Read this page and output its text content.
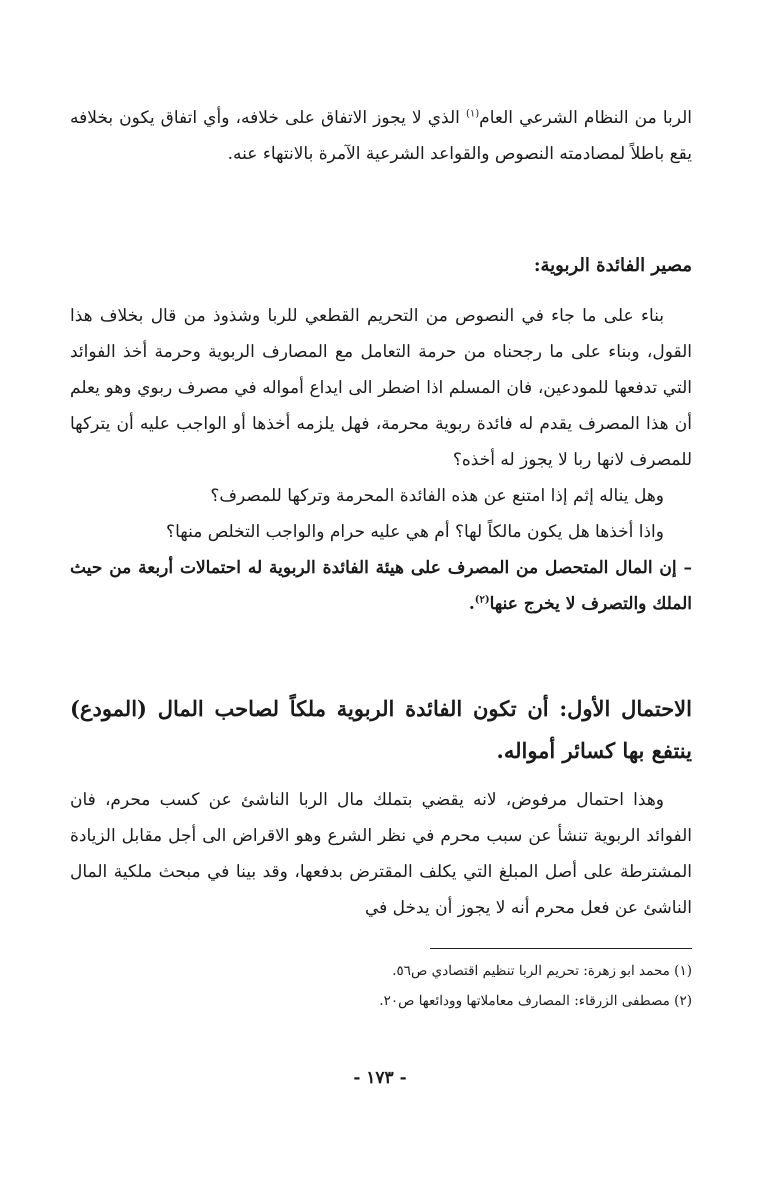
الربا من النظام الشرعي العام$^{(١)}$ الذي لا يجوز الاتفاق على خلافه، وأي اتفاق يكون بخلافه يقع باطلاً لمصادمته النصوص والقواعد الشرعية الآمرة بالانتهاء عنه.

مصير الفائدة الربوية:

بناء على ما جاء في النصوص من التحريم القطعي للربا وشذوذ من قال بخلاف هذا القول، وبناء على ما رجحناه من حرمة التعامل مع المصارف الربوية وحرمة أخذ الفوائد التي تدفعها للمودعين، فان المسلم اذا اضطر الى ايداع أمواله في مصرف ربوي وهو يعلم أن هذا المصرف يقدم له فائدة ربوية محرمة، فهل يلزمه أخذها أو الواجب عليه أن يتركها للمصرف لانها ربا لا يجوز له أخذه؟

وهل يناله إثم إذا امتنع عن هذه الفائدة المحرمة وتركها للمصرف؟

واذا أخذها هل يكون مالكاً لها؟ أم هي عليه حرام والواجب التخلص منها؟

– إن المال المتحصل من المصرف على هيئة الفائدة الربوية له احتمالات أربعة من حيث الملك والتصرف لا يخرج عنها$^{(٢)}$.

الاحتمال الأول: أن تكون الفائدة الربوية ملكاً لصاحب المال (المودع) ينتفع بها كسائر أمواله.

وهذا احتمال مرفوض، لانه يقضي بتملك مال الربا الناشئ عن كسب محرم، فان الفوائد الربوية تنشأ عن سبب محرم في نظر الشرع وهو الاقراض الى أجل مقابل الزيادة المشترطة على أصل المبلغ التي يكلف المقترض بدفعها، وقد بينا في مبحث ملكية المال الناشئ عن فعل محرم أنه لا يجوز أن يدخل في

(١) محمد ابو زهرة: تحريم الربا تنظيم اقتصادي ص٥٦.

(٢) مصطفى الزرقاء: المصارف معاملاتها وودائعها ص٢٠.

- ١٧٣ -
